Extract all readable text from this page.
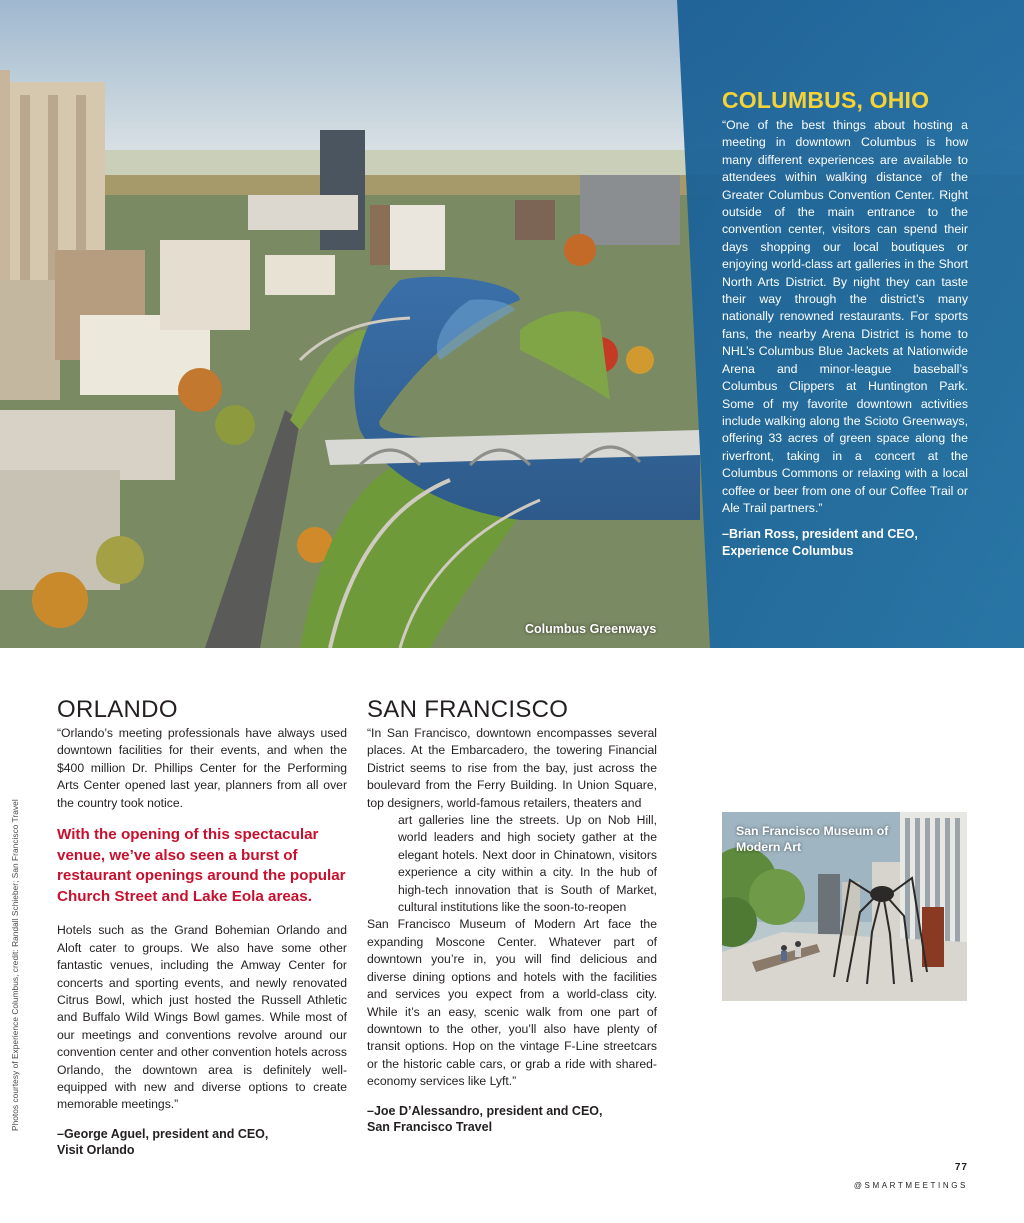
Columbus Greenways
COLUMBUS, OHIO

“One of the best things about hosting a meeting in downtown Columbus is how many different experiences are available to attendees within walking distance of the Greater Columbus Convention Center. Right outside of the main entrance to the convention center, visitors can spend their days shopping our local boutiques or enjoying world-class art galleries in the Short North Arts District. By night they can taste their way through the district’s many nationally renowned restaurants. For sports fans, the nearby Arena District is home to NHL’s Columbus Blue Jackets at Nationwide Arena and minor-league baseball’s Columbus Clippers at Huntington Park. Some of my favorite downtown activities include walking along the Scioto Greenways, offering 33 acres of green space along the riverfront, taking in a concert at the Columbus Commons or relaxing with a local coffee or beer from one of our Coffee Trail or Ale Trail partners.”

–Brian Ross, president and CEO,
Experience Columbus
ORLANDO

“Orlando’s meeting professionals have always used downtown facilities for their events, and when the $400 million Dr. Phillips Center for the Performing Arts Center opened last year, planners from all over the country took notice.

With the opening of this spectacular venue, we’ve also seen a burst of restaurant openings around the popular Church Street and Lake Eola areas.

Hotels such as the Grand Bohemian Orlando and Aloft cater to groups. We also have some other fantastic venues, including the Amway Center for concerts and sporting events, and newly renovated Citrus Bowl, which just hosted the Russell Athletic and Buffalo Wild Wings Bowl games. While most of our meetings and conventions revolve around our convention center and other convention hotels across Orlando, the downtown area is definitely well-equipped with new and diverse options to create memorable meetings.”

–George Aguel, president and CEO,
Visit Orlando
SAN FRANCISCO

“In San Francisco, downtown encompasses several places. At the Embarcadero, the towering Financial District seems to rise from the bay, just across the boulevard from the Ferry Building. In Union Square, top designers, world-famous retailers, theaters and

art galleries line the streets. Up on Nob Hill, world leaders and high society gather at the elegant hotels. Next door in Chinatown, visitors experience a city within a city. In the hub of high-tech innovation that is South of Market, cultural institutions like the soon-to-reopen

San Francisco Museum of Modern Art face the expanding Moscone Center. Whatever part of downtown you’re in, you will find delicious and diverse dining options and hotels with the facilities and services you expect from a world-class city. While it’s an easy, scenic walk from one part of downtown to the other, you’ll also have plenty of transit options. Hop on the vintage F-Line streetcars or the historic cable cars, or grab a ride with shared-economy services like Lyft.”

–Joe D’Alessandro, president and CEO,
San Francisco Travel
San Francisco Museum of Modern Art
Photos courtesy of Experience Columbus, credit: Randall Schieber; San Francisco Travel
77
@SMARTMEETINGS
